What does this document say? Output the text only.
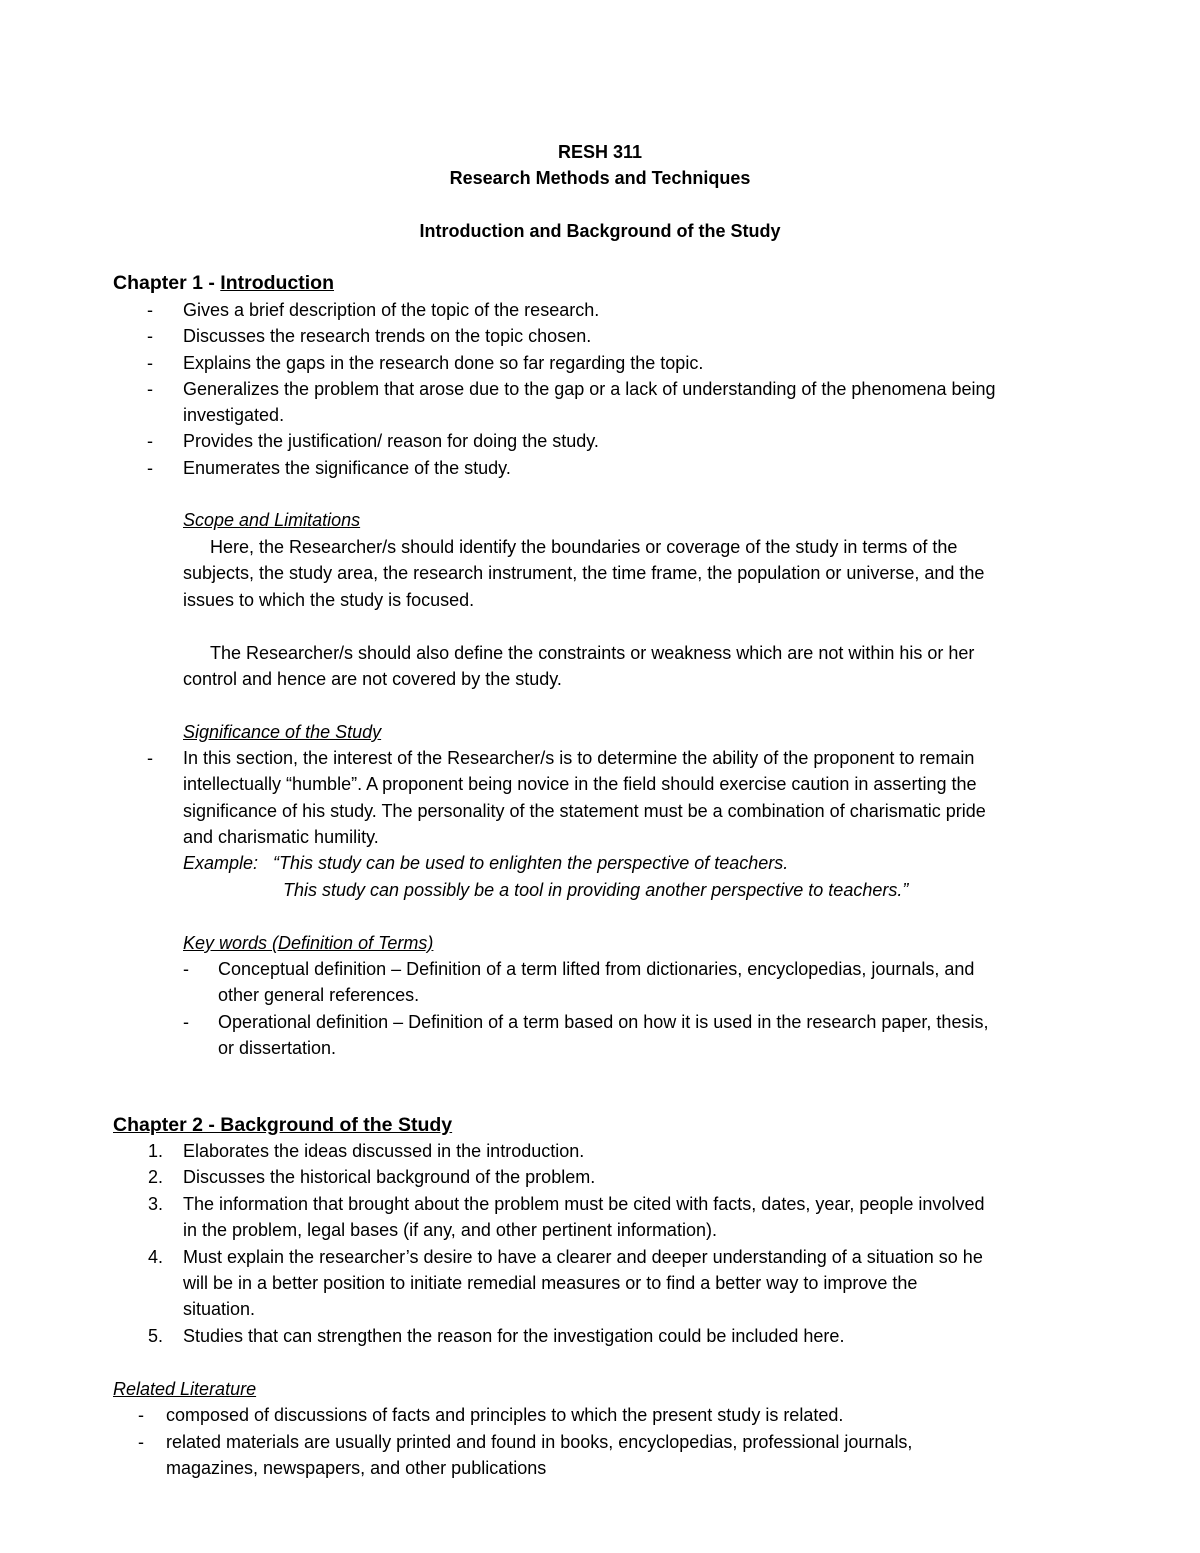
RESH 311
Research Methods and Techniques
Introduction and Background of the Study
Chapter 1 - Introduction
- Gives a brief description of the topic of the research.
- Discusses the research trends on the topic chosen.
- Explains the gaps in the research done so far regarding the topic.
- Generalizes the problem that arose due to the gap or a lack of understanding of the phenomena being
investigated.
- Provides the justification/ reason for doing the study.
- Enumerates the significance of the study.
Scope and Limitations
Here, the Researcher/s should identify the boundaries or coverage of the study in terms of the
subjects, the study area, the research instrument, the time frame, the population or universe, and the
issues to which the study is focused.
The Researcher/s should also define the constraints or weakness which are not within his or her
control and hence are not covered by the study.
Significance of the Study
- In this section, the interest of the Researcher/s is to determine the ability of the proponent to remain
intellectually “humble”. A proponent being novice in the field should exercise caution in asserting the
significance of his study. The personality of the statement must be a combination of charismatic pride
and charismatic humility.
Example: “This study can be used to enlighten the perspective of teachers.
This study can possibly be a tool in providing another perspective to teachers.”
Key words (Definition of Terms)
- Conceptual definition – Definition of a term lifted from dictionaries, encyclopedias, journals, and
other general references.
- Operational definition – Definition of a term based on how it is used in the research paper, thesis,
or dissertation.
Chapter 2 - Background of the Study
1. Elaborates the ideas discussed in the introduction.
2. Discusses the historical background of the problem.
3. The information that brought about the problem must be cited with facts, dates, year, people involved
in the problem, legal bases (if any, and other pertinent information).
4. Must explain the researcher’s desire to have a clearer and deeper understanding of a situation so he
will be in a better position to initiate remedial measures or to find a better way to improve the
situation.
5. Studies that can strengthen the reason for the investigation could be included here.
Related Literature
- composed of discussions of facts and principles to which the present study is related.
- related materials are usually printed and found in books, encyclopedias, professional journals,
magazines, newspapers, and other publications
